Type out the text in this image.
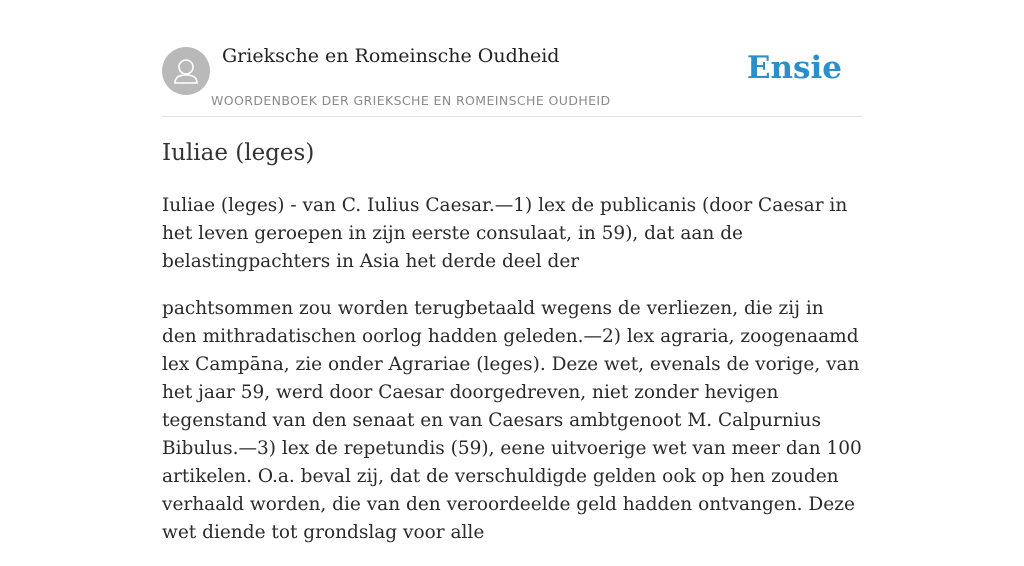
Grieksche en Romeinsche Oudheid
WOORDENBOEK DER GRIEKSCHE EN ROMEINSCHE OUDHEID
Ensie
Iuliae (leges)

Iuliae (leges) - van C. Iulius Caesar.—1) lex de publicanis (door Caesar in het leven geroepen in zijn eerste consulaat, in 59), dat aan de belastingpachters in Asia het derde deel der

pachtsommen zou worden terugbetaald wegens de verliezen, die zij in den mithradatischen oorlog hadden geleden.—2) lex agraria, zoogenaamd lex Campāna, zie onder Agrariae (leges). Deze wet, evenals de vorige, van het jaar 59, werd door Caesar doorgedreven, niet zonder hevigen tegenstand van den senaat en van Caesars ambtgenoot M. Calpurnius Bibulus.—3) lex de repetundis (59), eene uitvoerige wet van meer dan 100 artikelen. O.a. beval zij, dat de verschuldigde gelden ook op hen zouden verhaald worden, die van den veroordeelde geld hadden ontvangen. Deze wet diende tot grondslag voor alle
